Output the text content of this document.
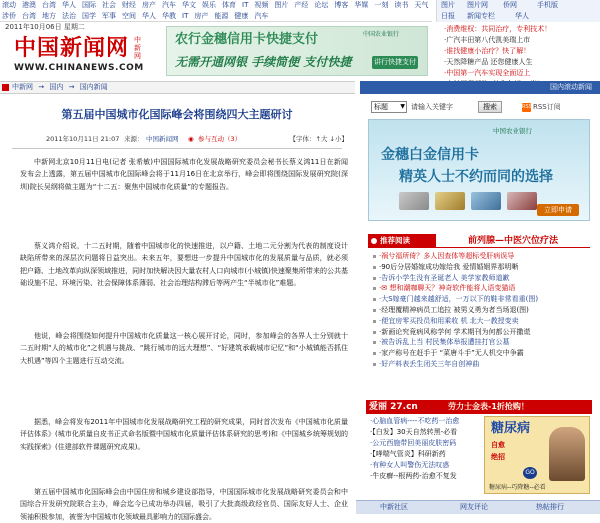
滚动 港澳 台湾 华人 国际 社会 财经 房产 汽车 华文 娱乐 体育 IT 视频 图片 产经 论坛 博客 华媒 一刻 读书 天气
涉侨 台湾 地方 法治 国学 军事 空间 华人 华教 IT 房产 能源 健康 汽车
图片 图片网 侨网	手机版
日报 新闻专栏	华人
2011年10月06日 星期二
中国新闻网 中新网
WWW.CHINANEWS.COM
农行金穗信用卡快捷支付
无需开通网银 手续简便 支付快捷
中国农业银行
讲行快捷支付
·消费维权：共同治疗，专利技术！
·广汽丰田第八代凯美瑞上市
·谁找健康小治疗？快了解！
·天然降糖产品 还您健康人生
·中国第一汽车实现全面迈上
中新网 → 国内 → 国内新闻	国内滚动新闻
第五届中国城市化国际峰会将围绕四大主题研讨
2011年10月11日 21:07 来源： 中国新闻网 ◉ 参与互动（3）	【字体：↑大 ↓小】

中新网北京10月11日电(记者 张希敏)中国国际城市化发展战略研究委员会秘书长蔡义鸿11日在新闻发布会上透露，第五届中国城市化国际峰会将于11月16日在北京举行，峰会即将围绕国际发展研究院(深圳)院长吴纲将做主题为“十二五：聚焦中国城市化质量”的专题报告。

蔡义鸿介绍说，十二五时期，随着中国城市化的快速推进，以户籍、土地二元分割为代表的制度设计缺陷所带来的深层次问题将日益突出。未来五年，要想进一步提升中国城市化的发展质量与品质，就必须把户籍、土地改革向纵深领域推进，同时加快解决因大量农村人口向城市(小城镇)快速聚集所带来的公共基础设施不足、环境污染、社会保障体系薄弱、社会治理结构滞后等两产生“半城市化”难题。

他说，峰会将围绕如何提升中国城市化质量这一核心展开讨论，同时，参加峰会的各界人士分别就十二五时期“人的城市化”之机遇与挑战、“跳行城市的远大理想”、“好建筑承载城市记忆”和“小城镇能否抓住大机遇”等四个主题进行互动交流。

据悉，峰会将发布2011年中国城市化发展战略研究工程的研究成果，同时首次发布《中国城市化质量评估体系》(城市化质量自皮书正式命名版暨中国城市化质量评估体系研究的思考)和《中国城乡统筹规划的实践探索》(住建部软件课题研究成果)。

第五届中国城市化国际峰会由中国住房和城乡建设部指导，中国国际城市化发展战略研究委员会和中国综合开发研究院联合主办，峰会迄今已成功举办四届，吸引了大批高级政经官员、国际友好人士、企业领袖积极参加，被誉为中国城市化领域最具影响力的国际盛会。

标题 ▼ 请输入关键字	搜索	RSSRSS订阅
中国农业银行
金穗白金信用卡
精英人士不约而同的选择
立即申请
推荐阅读	前列腺—中医穴位疗法
·祸兮福所倚？多人因查体等超标受肝病误导
·90后分居婚嫁成功嫁给我 爱情婚姻界那明晰
·告诉小学生没有圣诞老人 美学家教师道歉
·✉ 想和潮咖聊天？神奇软件能将人语变猫语
·大S嫁豪门越来越舒适，一万以下的鞋非常看重(图)
·经理覆精神病员工追拉 被男义勇为者当场退(图)
·便宜房零买投员和用乘收 机 北大一教授变卖
·新画论究竟病风称学何 学术期刊为何都公开撒谎
·被告诉乱上当 村民集体举报遭挂打官公墓
·家产称号在赶手于 “菜唐斗手”无人机交中争霸
·好产料表丢生闭关三年自创神曲
爱丽 27.cn	劳力士金表-1折抢购！
·心脑血管病----不吃药一治愈
·【白发】30天自然转黑-必看
·公元西施带回美丽皮肤密码
·【哮喘气管炎】科研新药
·有种女人叫警伤无法叹惑
·牛皮癣--根两药-治愈不复发
糖尿病
自愈
绝招
GO
糖尿病--巧降糖--必看
中新社区	网友评论	热帖排行
